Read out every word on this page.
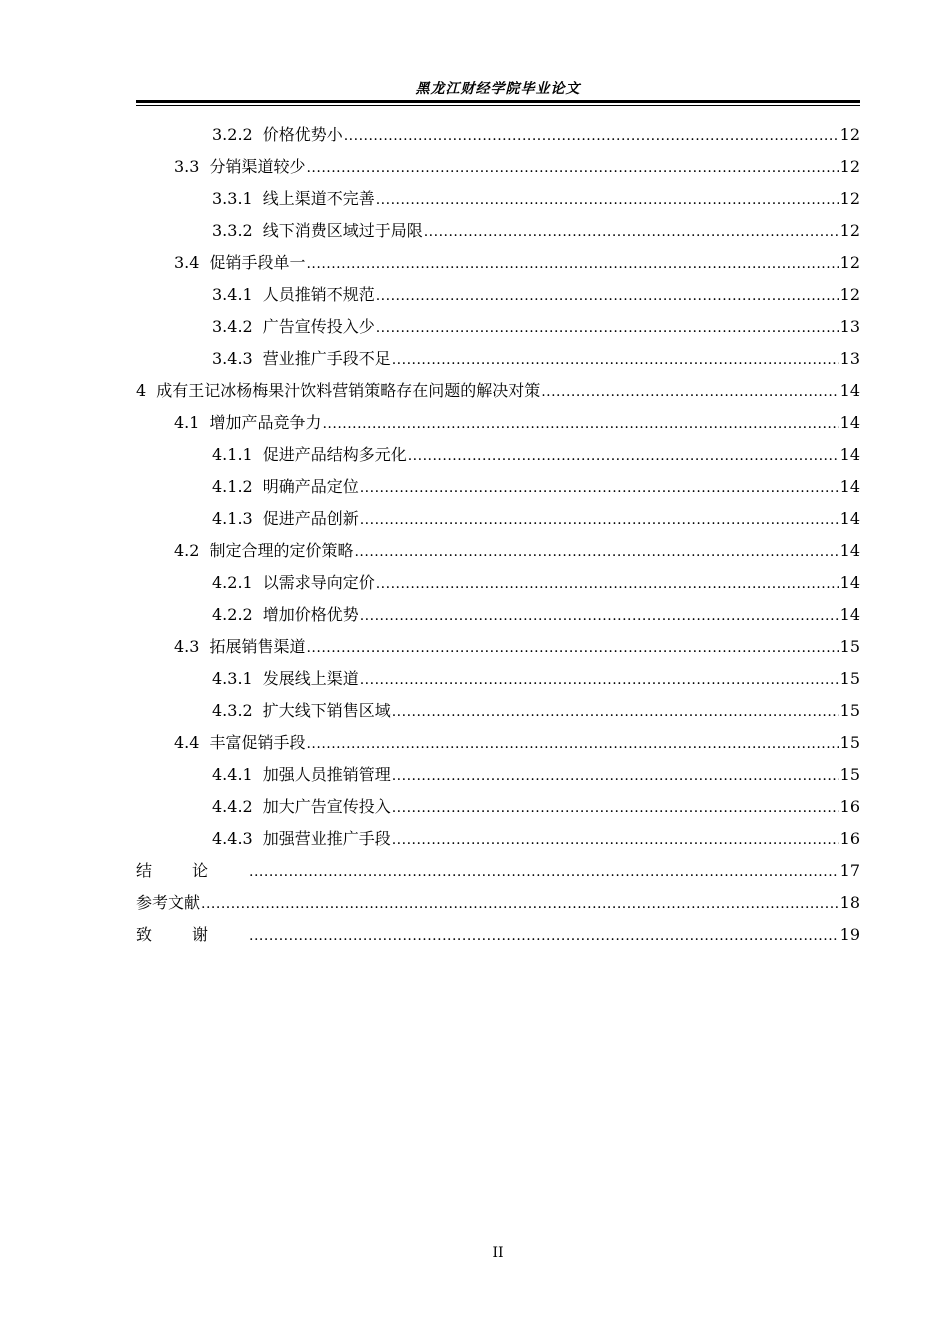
黑龙江财经学院毕业论文
3.2.2 价格优势小 .....	12
3.3 分销渠道较少 .....	12
3.3.1 线上渠道不完善 .....	12
3.3.2 线下消费区域过于局限 .....	12
3.4 促销手段单一 .....	12
3.4.1 人员推销不规范 .....	12
3.4.2 广告宣传投入少 .....	13
3.4.3 营业推广手段不足 .....	13
4 成有王记冰杨梅果汁饮料营销策略存在问题的解决对策 .....	14
4.1 增加产品竞争力 .....	14
4.1.1 促进产品结构多元化 .....	14
4.1.2 明确产品定位 .....	14
4.1.3 促进产品创新 .....	14
4.2 制定合理的定价策略 .....	14
4.2.1 以需求导向定价 .....	14
4.2.2 增加价格优势 .....	14
4.3 拓展销售渠道 .....	15
4.3.1 发展线上渠道 .....	15
4.3.2 扩大线下销售区域 .....	15
4.4 丰富促销手段 .....	15
4.4.1 加强人员推销管理 .....	15
4.4.2 加大广告宣传投入 .....	16
4.4.3 加强营业推广手段 .....	16
结论 .....	17
参考文献 .....	18
致谢 .....	19
II
